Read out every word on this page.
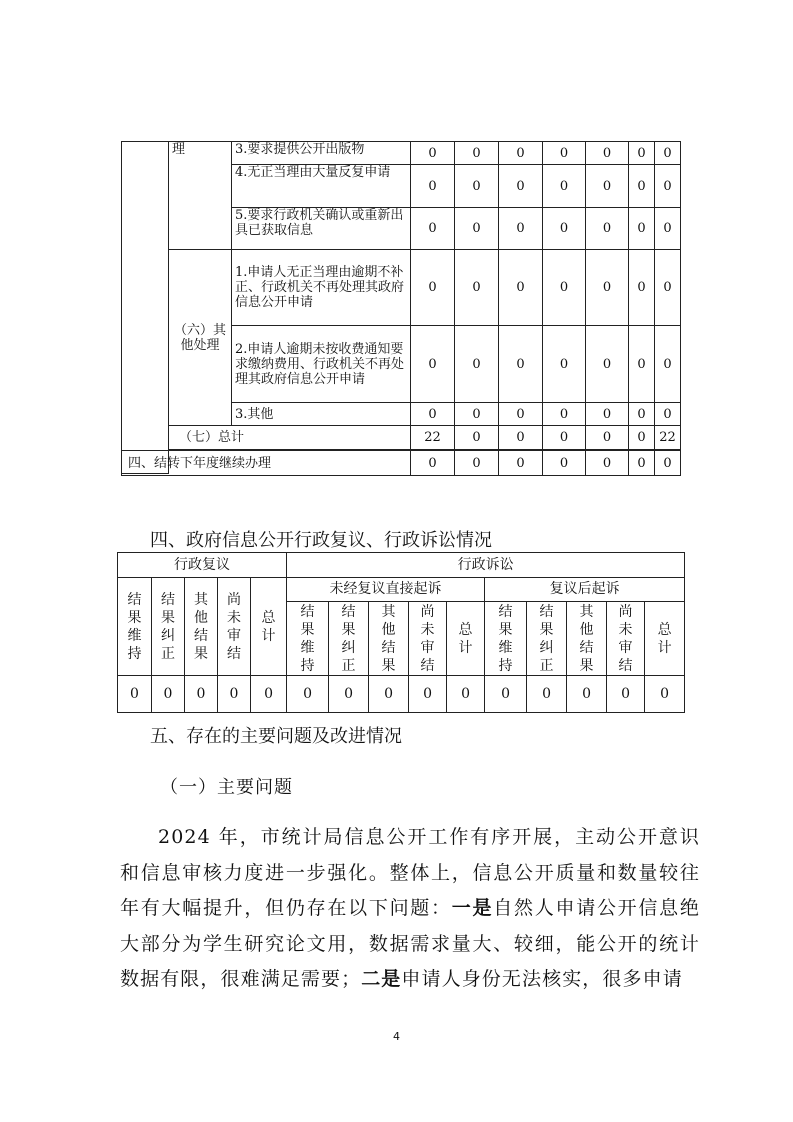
	理	3.要求提供公开出版物	0	0	0	0	0	0	0
		4.无正当理由大量反复申请	0	0	0	0	0	0	0
		5.要求行政机关确认或重新出具已获取信息	0	0	0	0	0	0	0
	（六）其他处理	1.申请人无正当理由逾期不补正、行政机关不再处理其政府信息公开申请	0	0	0	0	0	0	0
		2.申请人逾期未按收费通知要求缴纳费用、行政机关不再处理其政府信息公开申请	0	0	0	0	0	0	0
		3.其他	0	0	0	0	0	0	0
	（七）总计		22	0	0	0	0	0	22

四、结转下年度继续办理	0	0	0	0	0	0	0
四、政府信息公开行政复议、行政诉讼情况
行政复议					行政诉讼									

结果维持	结果纠正	其他结果	尚未审结	总计	未经复议直接起诉					复议后起诉				

					结果维持	结果纠正	其他结果	尚未审结	总计	结果维持	结果纠正	其他结果	尚未审结	总计

0	0	0	0	0	0	0	0	0	0	0	0	0	0	0
五、存在的主要问题及改进情况
（一）主要问题
2024 年，市统计局信息公开工作有序开展，主动公开意识和信息审核力度进一步强化。整体上，信息公开质量和数量较往年有大幅提升，但仍存在以下问题：一是自然人申请公开信息绝大部分为学生研究论文用，数据需求量大、较细，能公开的统计数据有限，很难满足需要；二是申请人身份无法核实，很多申请
4
